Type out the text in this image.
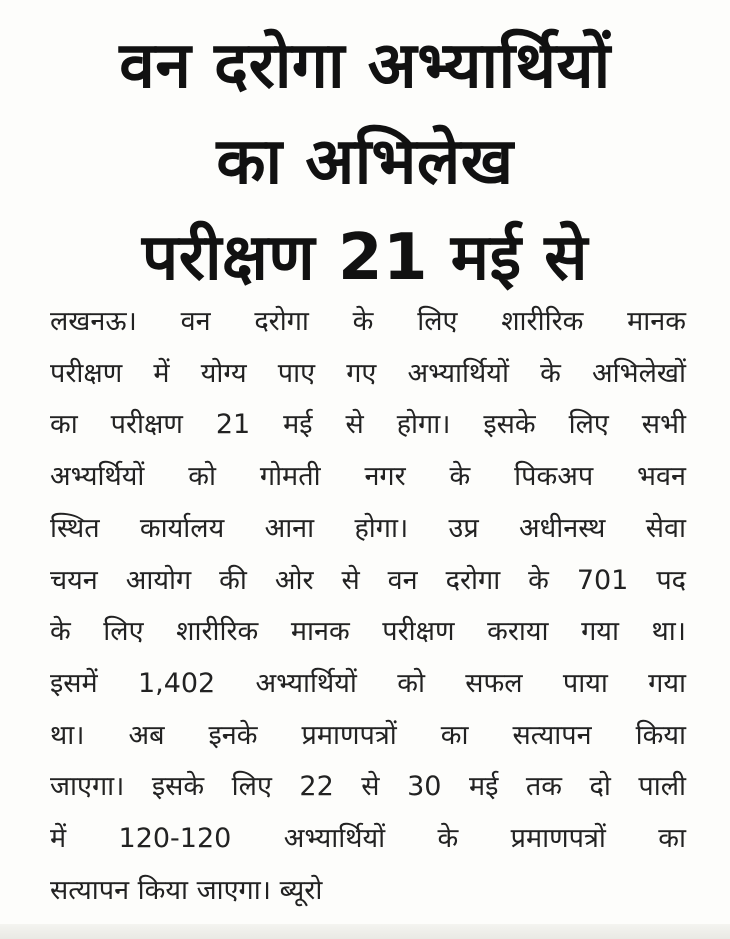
वन दरोगा अभ्यार्थियों
का अभिलेख
परीक्षण 21 मई से
लखनऊ। वन दरोगा के लिए शारीरिक मानक
परीक्षण में योग्य पाए गए अभ्यार्थियों के अभिलेखों
का परीक्षण 21 मई से होगा। इसके लिए सभी
अभ्यर्थियों को गोमती नगर के पिकअप भवन
स्थित कार्यालय आना होगा। उप्र अधीनस्थ सेवा
चयन आयोग की ओर से वन दरोगा के 701 पद
के लिए शारीरिक मानक परीक्षण कराया गया था।
इसमें 1,402 अभ्यार्थियों को सफल पाया गया
था। अब इनके प्रमाणपत्रों का सत्यापन किया
जाएगा। इसके लिए 22 से 30 मई तक दो पाली
में 120-120 अभ्यार्थियों के प्रमाणपत्रों का
सत्यापन किया जाएगा। ब्यूरो
